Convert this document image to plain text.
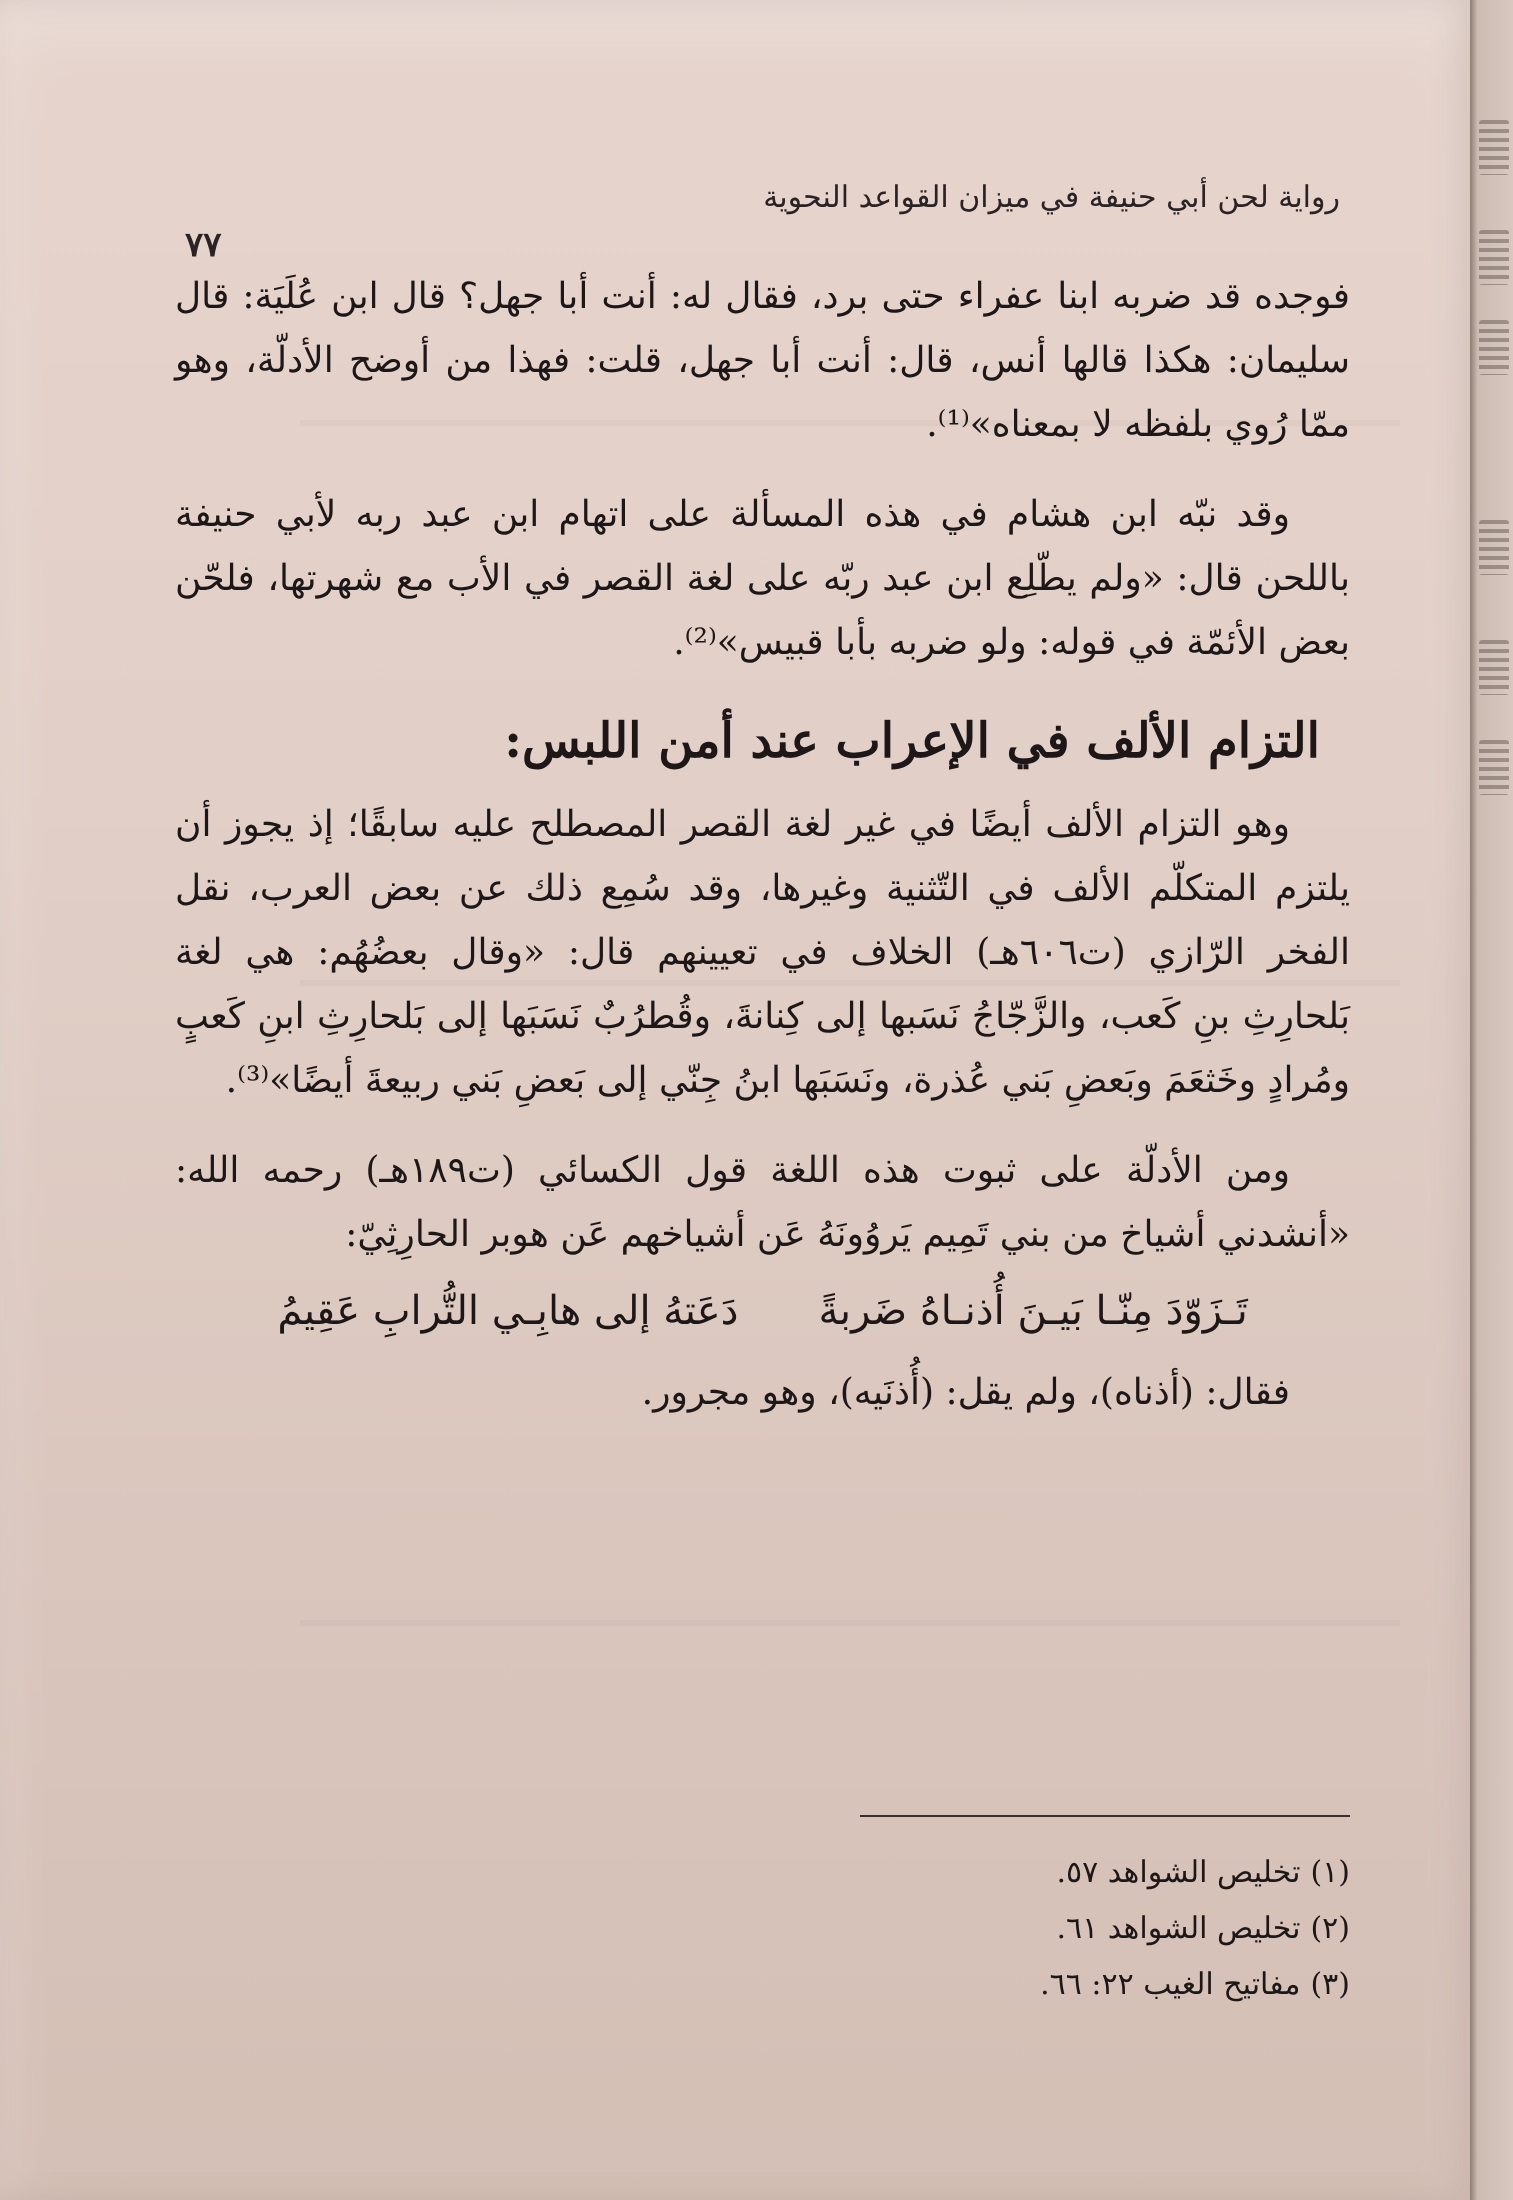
رواية لحن أبي حنيفة في ميزان القواعد النحوية
٧٧

فوجده قد ضربه ابنا عفراء حتى برد، فقال له: أنت أبا جهل؟ قال ابن عُلَيَة: قال سليمان: هكذا قالها أنس، قال: أنت أبا جهل، قلت: فهذا من أوضح الأدلّة، وهو ممّا رُوي بلفظه لا بمعناه»⁽¹⁾.

وقد نبّه ابن هشام في هذه المسألة على اتهام ابن عبد ربه لأبي حنيفة باللحن قال: «ولم يطّلِع ابن عبد ربّه على لغة القصر في الأب مع شهرتها، فلحّن بعض الأئمّة في قوله: ولو ضربه بأبا قبيس»⁽²⁾.

التزام الألف في الإعراب عند أمن اللبس:

وهو التزام الألف أيضًا في غير لغة القصر المصطلح عليه سابقًا؛ إذ يجوز أن يلتزم المتكلّم الألف في التّثنية وغيرها، وقد سُمِع ذلك عن بعض العرب، نقل الفخر الرّازي (ت٦٠٦هـ) الخلاف في تعيينهم قال: «وقال بعضُهُم: هي لغة بَلحارِثِ بنِ كَعب، والزَّجّاجُ نَسَبها إلى كِنانةَ، وقُطرُبٌ نَسَبَها إلى بَلحارِثِ ابنِ كَعبٍ ومُرادٍ وخَثعَمَ وبَعضِ بَني عُذرة، ونَسَبَها ابنُ جِنّي إلى بَعضِ بَني ربيعةَ أيضًا»⁽³⁾.

ومن الأدلّة على ثبوت هذه اللغة قول الكسائي (ت١٨٩هـ) رحمه الله: «أنشدني أشياخ من بني تَمِيم يَروُونَهُ عَن أشياخهم عَن هوبر الحارِثِيّ:

تَـزَوّدَ مِنّـا بَيـنَ أُذنـاهُ ضَربةً
دَعَتهُ إلى هابِـي التُّرابِ عَقِيمُ
فقال: (أذناه)، ولم يقل: (أُذنَيه)، وهو مجرور.
(١)تخليص الشواهد ٥٧.
(٢)تخليص الشواهد ٦١.
(٣)مفاتيح الغيب ٢٢: ٦٦.
